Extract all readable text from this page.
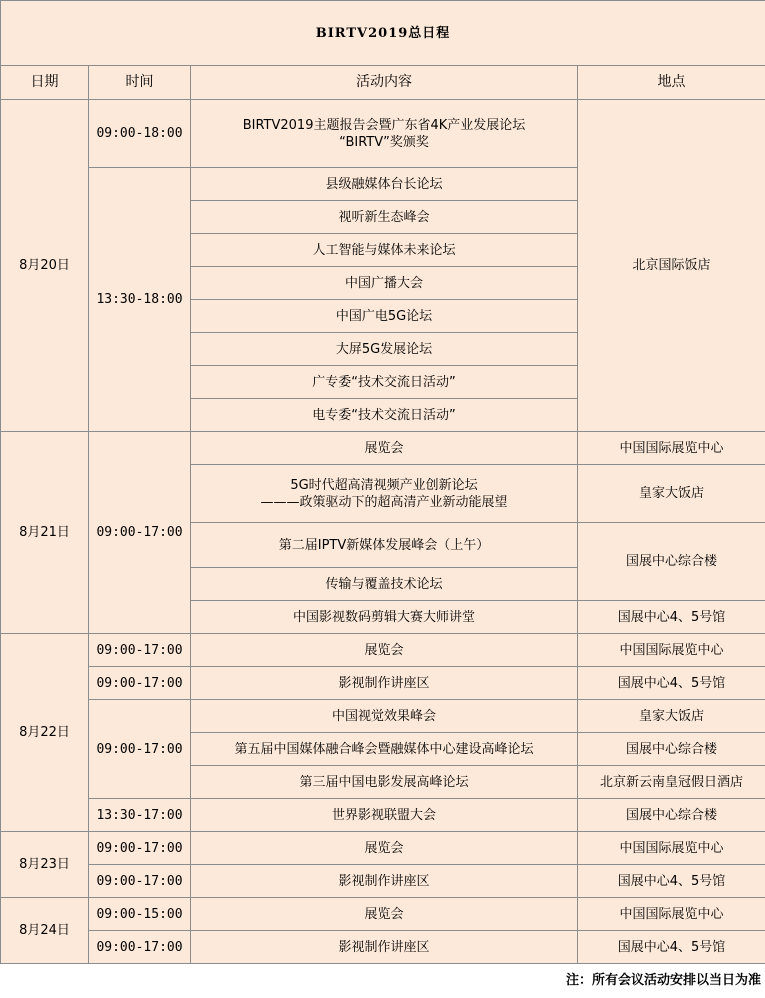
BIRTV2019总日程			
日期	时间	活动内容	地点
8月20日	09:00-18:00	BIRTV2019主题报告会暨广东省4K产业发展论坛
“BIRTV”奖颁奖	北京国际饭店
	13:30-18:00	县级融媒体台长论坛	

		视听新生态峰会	

		人工智能与媒体未来论坛	

		中国广播大会	

		中国广电5G论坛	

		大屏5G发展论坛	

		广专委“技术交流日活动”	

		电专委“技术交流日活动”	

8月21日	09:00-17:00	展览会	中国国际展览中心

		5G时代超高清视频产业创新论坛
———政策驱动下的超高清产业新动能展望	皇家大饭店

		第二届IPTV新媒体发展峰会（上午）	国展中心综合楼

		传输与覆盖技术论坛	

		中国影视数码剪辑大赛大师讲堂	国展中心4、5号馆
8月22日	09:00-17:00	展览会	中国国际展览中心
	09:00-17:00	影视制作讲座区	国展中心4、5号馆
	09:00-17:00	中国视觉效果峰会	皇家大饭店

		第五届中国媒体融合峰会暨融媒体中心建设高峰论坛	国展中心综合楼

		第三届中国电影发展高峰论坛	北京新云南皇冠假日酒店
	13:30-17:00	世界影视联盟大会	国展中心综合楼
8月23日	09:00-17:00	展览会	中国国际展览中心
	09:00-17:00	影视制作讲座区	国展中心4、5号馆
8月24日	09:00-15:00	展览会	中国国际展览中心
	09:00-17:00	影视制作讲座区	国展中心4、5号馆
注：所有会议活动安排以当日为准
